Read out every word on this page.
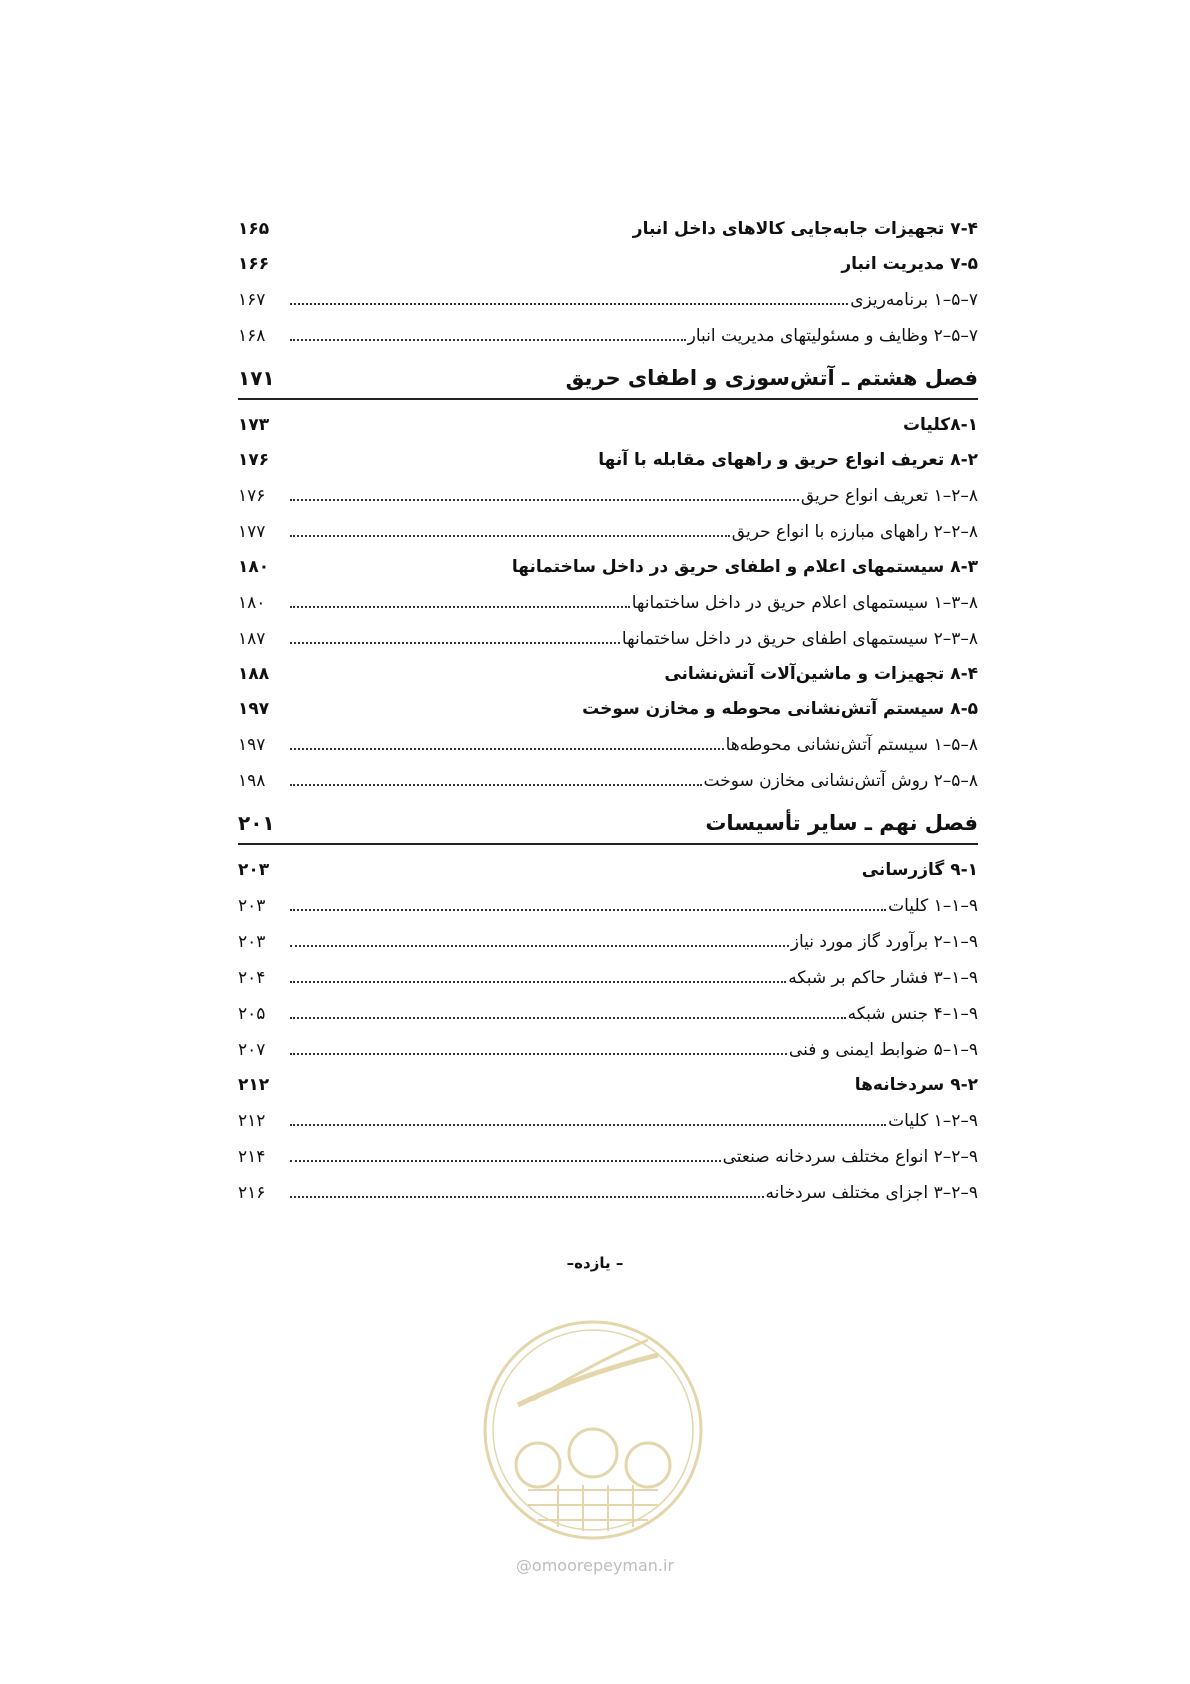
۷-۴ تجهیزات جابه‌جایی کالاهای داخل انبار
۱۶۵
۷-۵ مدیریت انبار
۱۶۶
۷–۵–۱ برنامه‌ریزی
۱۶۷
۷–۵–۲ وظایف و مسئولیتهای مدیریت انبار
۱۶۸
فصل هشتم ـ آتش‌سوزی و اطفای حریق
۱۷۱
۸-۱کلیات
۱۷۳
۸-۲ تعریف انواع حریق و راههای مقابله با آنها
۱۷۶
۸–۲–۱ تعریف انواع حریق
۱۷۶
۸–۲–۲ راههای مبارزه با انواع حریق
۱۷۷
۸-۳ سیستمهای اعلام و اطفای حریق در داخل ساختمانها
۱۸۰
۸–۳–۱ سیستمهای اعلام حریق در داخل ساختمانها
۱۸۰
۸–۳–۲ سیستمهای اطفای حریق در داخل ساختمانها
۱۸۷
۸-۴ تجهیزات و ماشین‌آلات آتش‌نشانی
۱۸۸
۸-۵ سیستم آتش‌نشانی محوطه و مخازن سوخت
۱۹۷
۸–۵–۱ سیستم آتش‌نشانی محوطه‌ها
۱۹۷
۸–۵–۲ روش آتش‌نشانی مخازن سوخت
۱۹۸
فصل نهم ـ سایر تأسیسات
۲۰۱
۹-۱ گازرسانی
۲۰۳
۹–۱–۱ کلیات
۲۰۳
۹–۱–۲ برآورد گاز مورد نیاز
۲۰۳
۹–۱–۳ فشار حاکم بر شبکه
۲۰۴
۹–۱–۴ جنس شبکه
۲۰۵
۹–۱–۵ ضوابط ایمنی و فنی
۲۰۷
۹-۲ سردخانه‌ها
۲۱۲
۹–۲–۱ کلیات
۲۱۲
۹–۲–۲ انواع مختلف سردخانه صنعتی
۲۱۴
۹–۲–۳ اجزای مختلف سردخانه
۲۱۶
– یازده–
@omoorepeyman.ir
